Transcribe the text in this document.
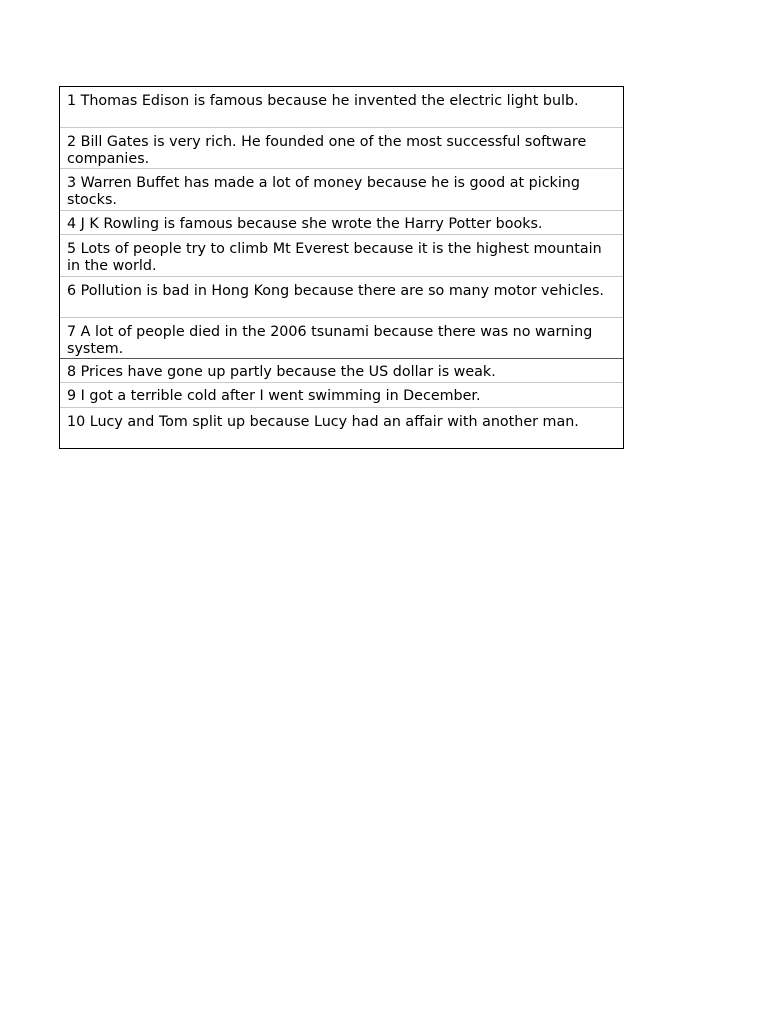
1 Thomas Edison is famous because he invented the electric light bulb.
2 Bill Gates is very rich. He founded one of the most successful software companies.
3 Warren Buffet has made a lot of money because he is good at picking stocks.
4 J K Rowling is famous because she wrote the Harry Potter books.
5 Lots of people try to climb Mt Everest because it is the highest mountain in the world.
6 Pollution is bad in Hong Kong because there are so many motor vehicles.
7 A lot of people died in the 2006 tsunami because there was no warning system.
8 Prices have gone up partly because the US dollar is weak.
9 I got a terrible cold after I went swimming in December.
10 Lucy and Tom split up because Lucy had an affair with another man.
